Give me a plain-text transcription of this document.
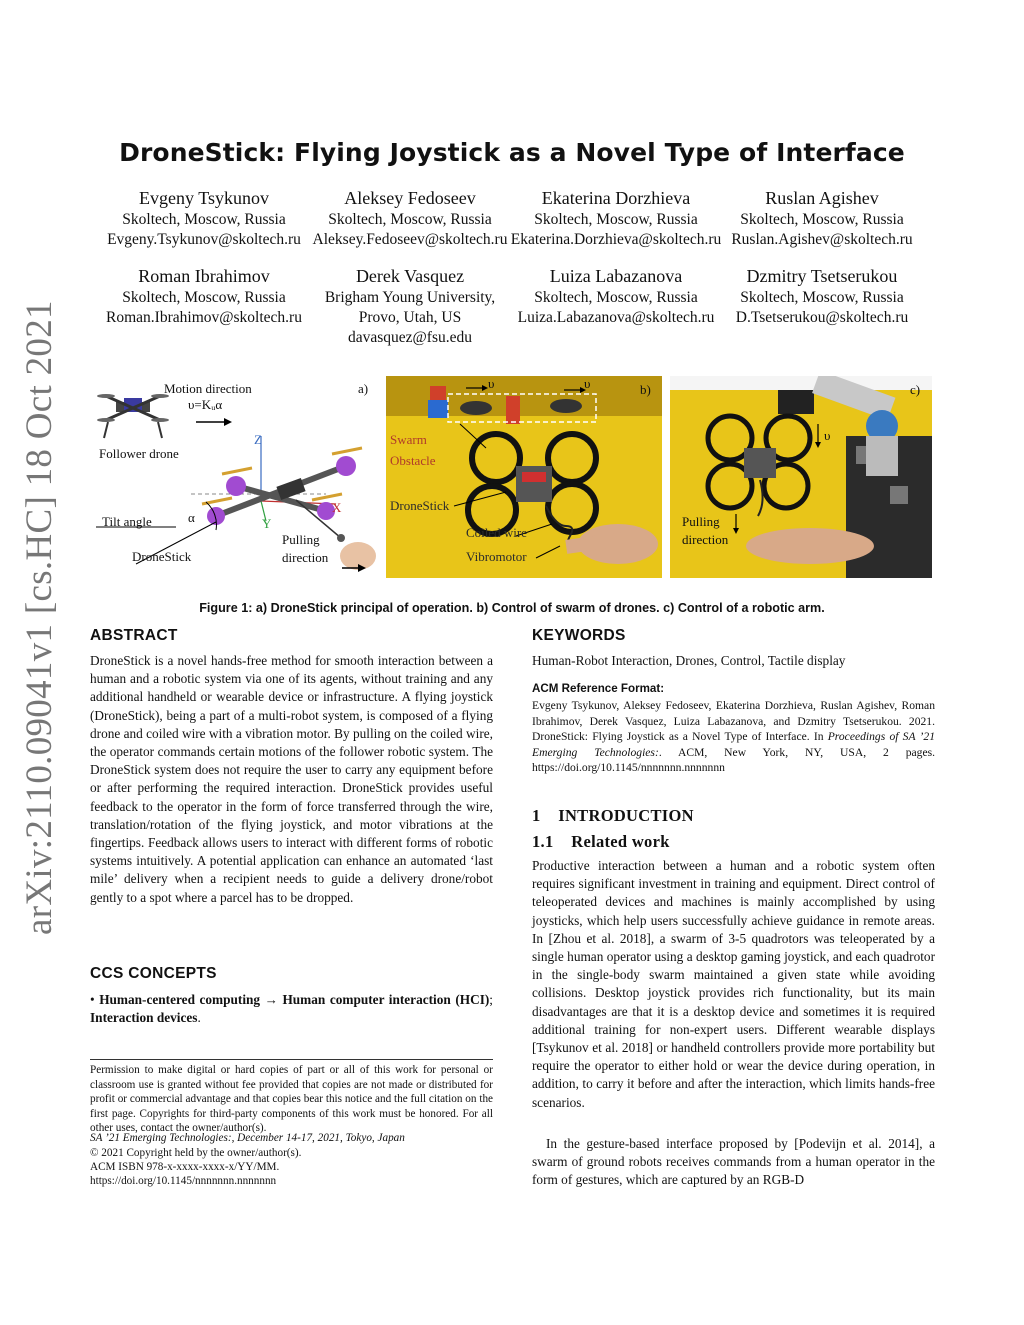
DroneStick: Flying Joystick as a Novel Type of Interface
arXiv:2110.09041v1 [cs.HC] 18 Oct 2021
Evgeny Tsykunov
Skoltech, Moscow, Russia
Evgeny.Tsykunov@skoltech.ru
Aleksey Fedoseev
Skoltech, Moscow, Russia
Aleksey.Fedoseev@skoltech.ru
Ekaterina Dorzhieva
Skoltech, Moscow, Russia
Ekaterina.Dorzhieva@skoltech.ru
Ruslan Agishev
Skoltech, Moscow, Russia
Ruslan.Agishev@skoltech.ru
Roman Ibrahimov
Skoltech, Moscow, Russia
Roman.Ibrahimov@skoltech.ru
Derek Vasquez
Brigham Young University,
Provo, Utah, US
davasquez@fsu.edu
Luiza Labazanova
Skoltech, Moscow, Russia
Luiza.Labazanova@skoltech.ru
Dzmitry Tsetserukou
Skoltech, Moscow, Russia
D.Tsetserukou@skoltech.ru
Motion direction
υ=Kᵤα
a)
Follower drone
Tilt angle	α
DroneStick
Pulling
direction
Z
X
Y
υ	υ	b)
Swarm
Obstacle
DroneStick
Coiled wire
Vibromotor
c)
υ
Pulling
direction
Figure 1: a) DroneStick principal of operation. b) Control of swarm of drones. c) Control of a robotic arm.
ABSTRACT
DroneStick is a novel hands-free method for smooth interaction between a human and a robotic system via one of its agents, without training and any additional handheld or wearable device or infrastructure. A flying joystick (DroneStick), being a part of a multi-robot system, is composed of a flying drone and coiled wire with a vibration motor. By pulling on the coiled wire, the operator commands certain motions of the follower robotic system. The DroneStick system does not require the user to carry any equipment before or after performing the required interaction. DroneStick provides useful feedback to the operator in the form of force transferred through the wire, translation/rotation of the flying joystick, and motor vibrations at the fingertips. Feedback allows users to interact with different forms of robotic systems intuitively. A potential application can enhance an automated ‘last mile’ delivery when a recipient needs to guide a delivery drone/robot gently to a spot where a parcel has to be dropped.
CCS CONCEPTS
• Human-centered computing → Human computer interaction (HCI); Interaction devices.
Permission to make digital or hard copies of part or all of this work for personal or classroom use is granted without fee provided that copies are not made or distributed for profit or commercial advantage and that copies bear this notice and the full citation on the first page. Copyrights for third-party components of this work must be honored. For all other uses, contact the owner/author(s).
SA ’21 Emerging Technologies:, December 14-17, 2021, Tokyo, Japan
© 2021 Copyright held by the owner/author(s).
ACM ISBN 978-x-xxxx-xxxx-x/YY/MM.
https://doi.org/10.1145/nnnnnnn.nnnnnnn
KEYWORDS
Human-Robot Interaction, Drones, Control, Tactile display
ACM Reference Format:
Evgeny Tsykunov, Aleksey Fedoseev, Ekaterina Dorzhieva, Ruslan Agishev, Roman Ibrahimov, Derek Vasquez, Luiza Labazanova, and Dzmitry Tsetserukou. 2021. DroneStick: Flying Joystick as a Novel Type of Interface. In Proceedings of SA ’21 Emerging Technologies:. ACM, New York, NY, USA, 2 pages. https://doi.org/10.1145/nnnnnnn.nnnnnnn
1    INTRODUCTION
1.1    Related work
Productive interaction between a human and a robotic system often requires significant investment in training and equipment. Direct control of teleoperated devices and machines is mainly accomplished by using joysticks, which help users successfully achieve guidance in remote areas. In [Zhou et al. 2018], a swarm of 3-5 quadrotors was teleoperated by a single human operator using a desktop gaming joystick, and each quadrotor in the single-body swarm maintained a given state while avoiding collisions. Desktop joystick provides rich functionality, but its main disadvantages are that it is a desktop device and sometimes it is required additional training for non-expert users. Different wearable displays [Tsykunov et al. 2018] or handheld controllers provide more portability but require the operator to either hold or wear the device during operation, in addition, to carry it before and after the interaction, which limits hands-free scenarios.
In the gesture-based interface proposed by [Podevijn et al. 2014], a swarm of ground robots receives commands from a human operator in the form of gestures, which are captured by an RGB-D
